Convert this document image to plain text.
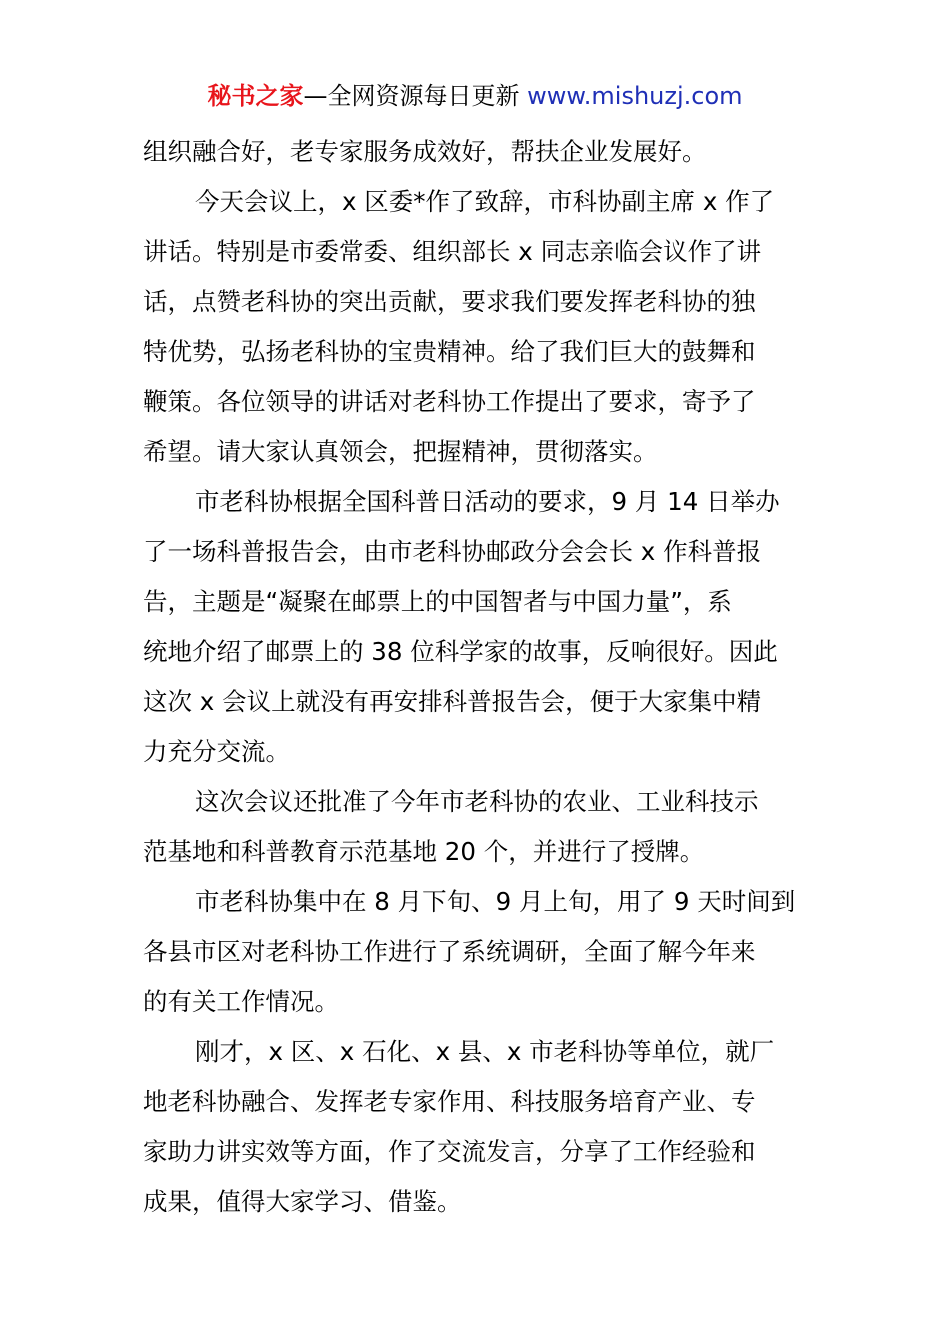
秘书之家—全网资源每日更新 www.mishuzj.com
组织融合好，老专家服务成效好，帮扶企业发展好。
今天会议上，x 区委*作了致辞，市科协副主席 x 作了
讲话。特别是市委常委、组织部长 x 同志亲临会议作了讲
话，点赞老科协的突出贡献，要求我们要发挥老科协的独
特优势，弘扬老科协的宝贵精神。给了我们巨大的鼓舞和
鞭策。各位领导的讲话对老科协工作提出了要求，寄予了
希望。请大家认真领会，把握精神，贯彻落实。
市老科协根据全国科普日活动的要求，9 月 14 日举办
了一场科普报告会，由市老科协邮政分会会长 x 作科普报
告，主题是“凝聚在邮票上的中国智者与中国力量”，系
统地介绍了邮票上的 38 位科学家的故事，反响很好。因此
这次 x 会议上就没有再安排科普报告会，便于大家集中精
力充分交流。
这次会议还批准了今年市老科协的农业、工业科技示
范基地和科普教育示范基地 20 个，并进行了授牌。
市老科协集中在 8 月下旬、9 月上旬，用了 9 天时间到
各县市区对老科协工作进行了系统调研，全面了解今年来
的有关工作情况。
刚才，x 区、x 石化、x 县、x 市老科协等单位，就厂
地老科协融合、发挥老专家作用、科技服务培育产业、专
家助力讲实效等方面，作了交流发言，分享了工作经验和
成果，值得大家学习、借鉴。
